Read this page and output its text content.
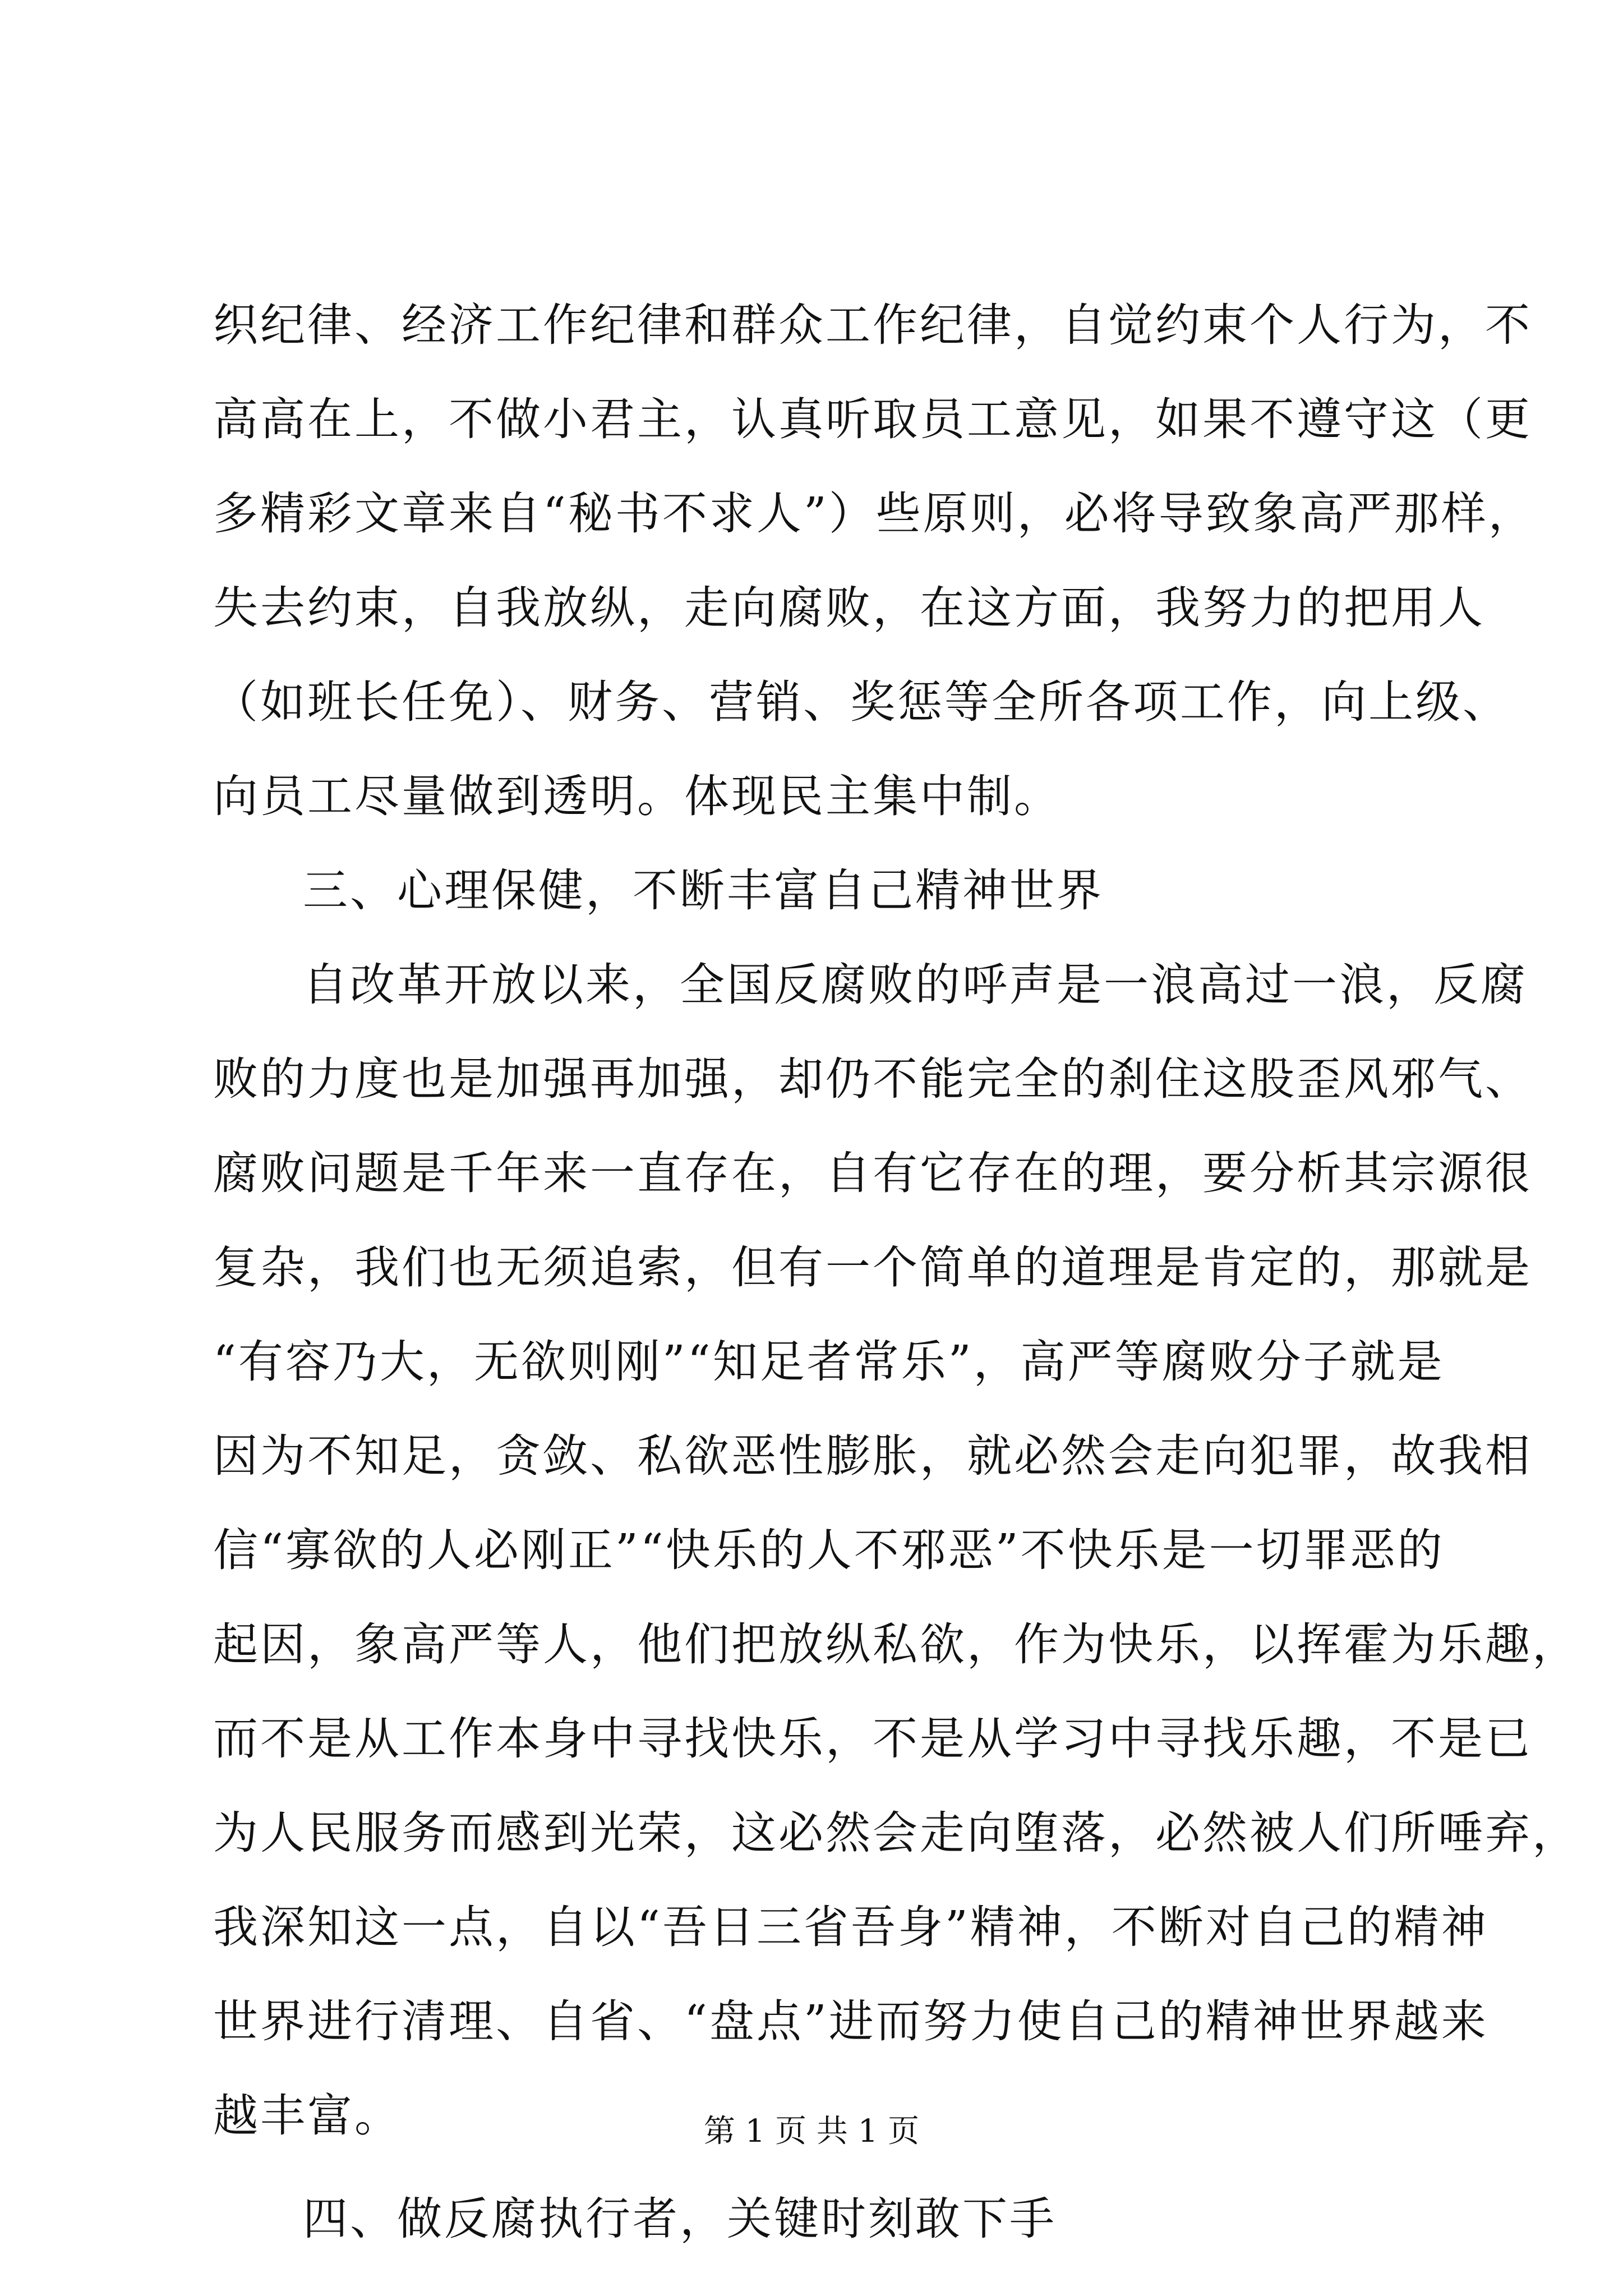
织纪律、经济工作纪律和群众工作纪律，自觉约束个人行为，不
高高在上，不做小君主，认真听取员工意见，如果不遵守这（更
多精彩文章来自“秘书不求人”）些原则，必将导致象高严那样，
失去约束，自我放纵，走向腐败，在这方面，我努力的把用人
（如班长任免）、财务、营销、奖惩等全所各项工作，向上级、
向员工尽量做到透明。体现民主集中制。
三、心理保健，不断丰富自己精神世界
自改革开放以来，全国反腐败的呼声是一浪高过一浪，反腐
败的力度也是加强再加强，却仍不能完全的刹住这股歪风邪气、
腐败问题是千年来一直存在，自有它存在的理，要分析其宗源很
复杂，我们也无须追索，但有一个简单的道理是肯定的，那就是
“有容乃大，无欲则刚”“知足者常乐”，高严等腐败分子就是
因为不知足，贪敛、私欲恶性膨胀，就必然会走向犯罪，故我相
信“寡欲的人必刚正”“快乐的人不邪恶”不快乐是一切罪恶的
起因，象高严等人，他们把放纵私欲，作为快乐，以挥霍为乐趣，
而不是从工作本身中寻找快乐，不是从学习中寻找乐趣，不是已
为人民服务而感到光荣，这必然会走向堕落，必然被人们所唾弃，
我深知这一点，自以“吾日三省吾身”精神，不断对自己的精神
世界进行清理、自省、“盘点”进而努力使自己的精神世界越来
越丰富。
四、做反腐执行者，关键时刻敢下手
第 1 页 共 1 页
